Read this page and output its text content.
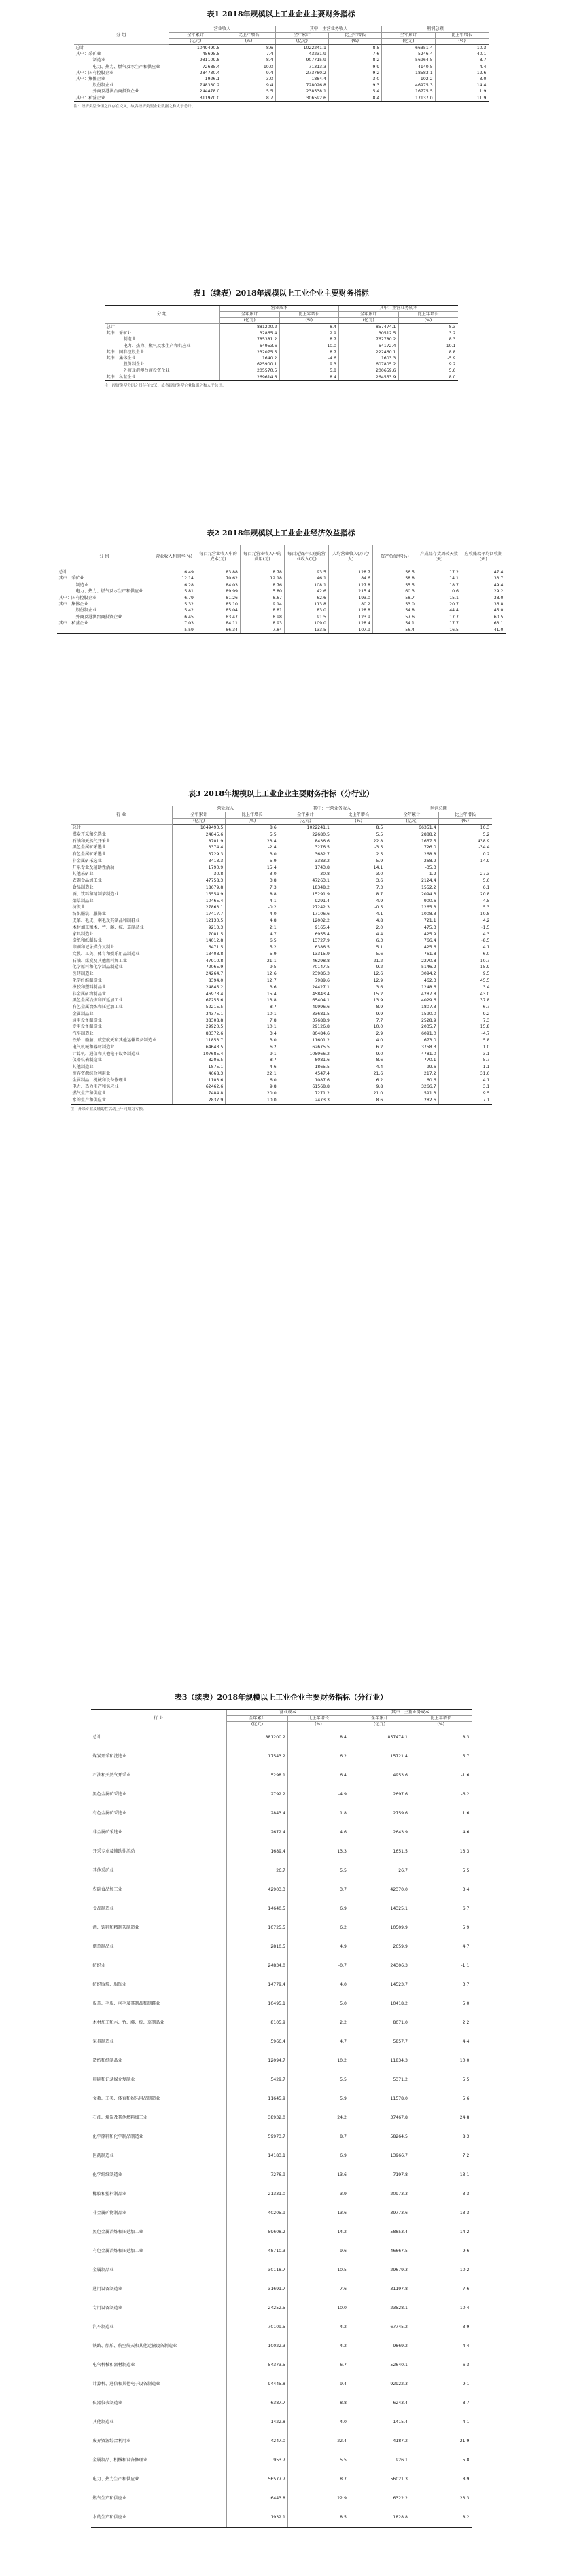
表1 2018年规模以上工业企业主要财务指标
分 组	营业收入		其中：主营业务收入		利润总额	
	全年累计	比上年增长	全年累计	比上年增长	全年累计	比上年增长
	(亿元)	(%)	(亿元)	(%)	(亿元)	(%)
总计	1049490.5	8.6	1022241.1	8.5	66351.4	10.3
其中：采矿业	45695.5	7.4	43231.9	7.6	5246.4	40.1
制造业	931109.8	8.4	907715.9	8.2	56964.5	8.7
电力、热力、燃气及水生产和供应业	72685.4	10.0	71313.3	9.9	4140.5	4.4
其中：国有控股企业	284730.4	9.4	273780.2	9.2	18583.1	12.6
其中：集体企业	1926.1	-3.0	1884.4	-3.0	102.2	-3.0
股份制企业	748330.2	9.4	728026.8	9.3	46975.3	14.4
外商及港澳台商投资企业	244478.0	5.5	238538.1	5.4	16775.5	1.9
其中：私营企业	311970.0	8.7	306592.6	8.4	17137.0	11.9
注：经济类型分组之间存在交叉，故各经济类型企业数据之和大于总计。
表1（续表）2018年规模以上工业企业主要财务指标
分 组	营业成本		其中：主营业务成本	
	全年累计	比上年增长	全年累计	比上年增长
	(亿元)	(%)	(亿元)	(%)
总计	881200.2	8.4	857474.1	8.3
其中：采矿业	32865.4	2.9	30512.5	3.2
制造业	785381.2	8.7	762780.2	8.3
电力、热力、燃气及水生产和供应业	64953.6	10.0	64172.4	10.1
其中：国有控股企业	232075.5	8.7	222460.1	8.8
其中：集体企业	1640.2	-4.6	1603.3	-5.9
股份制企业	625900.1	9.3	607805.2	9.2
外商及港澳台商投资企业	205570.5	5.8	200659.6	5.6
其中：私营企业	269614.6	8.4	264553.9	8.0
注：经济类型分组之间存在交叉，故各经济类型企业数据之和大于总计。
表2 2018年规模以上工业企业经济效益指标
分 组	营业收入利润率(%)	每百元营业收入中的成本(元)	每百元营业收入中的费用(元)	每百元资产实现的营业收入(元)	人均营业收入(万元/人)	资产负债率(%)	产成品存货周转天数(天)	应收账款平均回收期(天)
总计	6.49	83.88	8.78	93.5	128.7	56.5	17.2	47.4
其中：采矿业	12.14	70.62	12.18	46.1	84.6	58.8	14.1	33.7
制造业	6.28	84.03	8.76	108.1	127.8	55.5	18.7	49.4
电力、热力、燃气及水生产和供应业	5.81	89.99	5.80	42.6	215.4	60.3	0.6	29.2
其中：国有控股企业	6.79	81.26	8.67	62.6	193.0	58.7	15.1	38.0
其中：集体企业	5.32	85.10	9.14	113.8	80.2	53.0	20.7	36.8
股份制企业	5.42	85.04	8.81	83.0	128.8	54.8	44.4	45.0
外商及港澳台商投资企业	6.45	83.47	8.98	91.5	123.9	57.6	17.7	60.5
其中：私营企业	7.03	84.11	8.93	109.0	128.4	54.1	17.7	63.1
	5.59	86.34	7.84	133.5	107.9	56.4	16.5	41.0
表3 2018年规模以上工业企业主要财务指标（分行业）
行 业	营业收入		其中：主营业务收入		利润总额	
	全年累计	比上年增长	全年累计	比上年增长	全年累计	比上年增长
	(亿元)	(%)	(亿元)	(%)	(亿元)	(%)
总计	1049490.5	8.6	1022241.1	8.5	66351.4	10.3
煤炭开采和洗选业	24845.6	5.5	22680.5	5.5	2888.2	5.2
石油和天然气开采业	8701.9	23.4	8436.6	22.8	1657.5	438.9
黑色金属矿采选业	3374.4	-2.4	3276.5	-3.5	726.0	-34.4
有色金属矿采选业	3729.3	3.0	3682.7	2.5	268.8	0.2
非金属矿采选业	3413.3	5.9	3383.2	5.9	268.9	14.9
开采专业及辅助性活动	1790.9	15.4	1743.8	14.1	-35.3	
其他采矿业	30.8	-3.0	30.8	-3.0	1.2	-27.3
农副食品加工业	47758.3	3.8	47263.1	3.6	2124.4	5.6
食品制造业	18679.8	7.3	18348.2	7.3	1552.2	6.1
酒、饮料和精制茶制造业	15554.9	8.8	15291.9	8.7	2094.3	20.8
烟草制品业	10465.4	4.1	9291.4	4.9	900.6	4.5
纺织业	27863.1	-0.2	27242.3	-0.5	1265.3	5.3
纺织服装、服饰业	17417.7	4.0	17106.6	4.1	1008.3	10.8
皮革、毛皮、羽毛及其制品和制鞋业	12130.5	4.8	12002.2	4.8	721.1	4.2
木材加工和木、竹、藤、棕、草制品业	9210.3	2.1	9165.4	2.0	475.3	-1.5
家具制造业	7081.5	4.7	6955.4	4.4	425.9	4.3
造纸和纸制品业	14012.8	6.5	13727.9	6.3	766.4	-8.5
印刷和记录媒介复制业	6471.5	5.2	6386.5	5.1	425.6	4.1
文教、工美、体育和娱乐用品制造业	13408.8	5.9	13315.9	5.6	761.8	6.0
石油、煤炭及其他燃料加工业	47910.8	21.1	46298.8	21.2	2270.8	10.7
化学原料和化学制品制造业	72065.9	9.5	70147.5	9.2	5146.2	15.9
医药制造业	24264.7	12.6	23986.3	12.6	3094.2	9.5
化学纤维制造业	8394.0	12.7	7989.6	12.9	462.3	45.5
橡胶和塑料制品业	24845.2	3.6	24427.1	3.6	1248.6	3.4
非金属矿物制品业	46973.4	15.4	45843.4	15.2	4287.8	43.0
黑色金属冶炼和压延加工业	67255.6	13.8	65404.1	13.9	4029.6	37.8
有色金属冶炼和压延加工业	52215.5	8.7	49996.6	8.9	1807.3	-6.7
金属制品业	34375.1	10.1	33681.5	9.9	1590.0	9.2
通用设备制造业	38308.8	7.8	37688.9	7.7	2528.9	7.3
专用设备制造业	29920.5	10.1	29126.8	10.0	2035.7	15.8
汽车制造业	83372.6	3.4	80484.6	2.9	6091.0	-4.7
铁路、船舶、航空航天和其他运输设备制造业	11853.7	3.0	11601.2	4.0	673.0	5.8
电气机械和器材制造业	64643.5	6.2	62675.5	6.2	3758.3	1.0
计算机、通信和其他电子设备制造业	107685.4	9.1	105966.2	9.0	4781.0	-3.1
仪器仪表制造业	8206.5	8.7	8081.6	8.6	770.1	5.7
其他制造业	1875.1	4.6	1865.5	4.4	99.6	-1.1
废弃资源综合利用业	4668.3	22.1	4547.4	21.6	217.2	31.6
金属制品、机械和设备修理业	1103.6	6.0	1087.6	6.2	60.6	4.1
电力、热力生产和供应业	62462.6	9.8	61568.8	9.8	3266.7	3.1
燃气生产和供应业	7484.8	20.0	7271.2	21.0	591.3	9.5
水的生产和供应业	2837.9	10.0	2473.3	8.6	282.6	7.1
注：开采专业及辅助性活动上年同期为亏损。
表3（续表）2018年规模以上工业企业主要财务指标（分行业）
行 业	营业成本		其中：主营业务成本	
	全年累计	比上年增长	全年累计	比上年增长
	(亿元)	(%)	(亿元)	(%)
总计	881200.2	8.4	857474.1	8.3
煤炭开采和洗选业	17543.2	6.2	15721.4	5.7
石油和天然气开采业	5298.1	6.4	4953.6	-1.6
黑色金属矿采选业	2792.2	-4.9	2697.6	-6.2
有色金属矿采选业	2843.4	1.8	2759.6	1.6
非金属矿采选业	2672.4	4.6	2643.9	4.6
开采专业及辅助性活动	1689.4	13.3	1651.5	13.3
其他采矿业	26.7	5.5	26.7	5.5
农副食品加工业	42903.3	3.7	42370.0	3.4
食品制造业	14640.5	6.9	14325.1	6.7
酒、饮料和精制茶制造业	10725.5	6.2	10509.9	5.9
烟草制品业	2810.5	4.9	2659.9	4.7
纺织业	24834.0	-0.7	24306.3	-1.1
纺织服装、服饰业	14779.4	4.0	14523.7	3.7
皮革、毛皮、羽毛及其制品和制鞋业	10495.1	5.0	10418.2	5.0
木材加工和木、竹、藤、棕、草制品业	8105.9	2.2	8071.0	2.2
家具制造业	5966.4	4.7	5857.7	4.4
造纸和纸制品业	12094.7	10.2	11834.3	10.0
印刷和记录媒介复制业	5429.7	5.5	5371.2	5.5
文教、工美、体育和娱乐用品制造业	11645.9	5.9	11578.0	5.6
石油、煤炭及其他燃料加工业	38932.0	24.2	37467.8	24.8
化学原料和化学制品制造业	59973.7	8.7	58264.5	8.3
医药制造业	14183.1	6.9	13966.7	7.2
化学纤维制造业	7276.9	13.6	7197.8	13.1
橡胶和塑料制品业	21331.0	3.9	20973.3	3.3
非金属矿物制品业	40205.9	13.6	39773.6	13.3
黑色金属冶炼和压延加工业	59608.2	14.2	58853.4	14.2
有色金属冶炼和压延加工业	48710.3	9.6	46667.5	9.6
金属制品业	30118.7	10.5	29679.3	10.2
通用设备制造业	31691.7	7.6	31197.8	7.6
专用设备制造业	24252.5	10.0	23528.1	10.4
汽车制造业	70109.5	4.2	67745.2	3.9
铁路、船舶、航空航天和其他运输设备制造业	10022.3	4.2	9869.2	4.4
电气机械和器材制造业	54373.5	6.7	52640.1	6.3
计算机、通信和其他电子设备制造业	94445.8	9.4	92922.3	9.1
仪器仪表制造业	6387.7	8.8	6243.4	8.7
其他制造业	1422.8	4.0	1415.4	4.1
废弃资源综合利用业	4247.0	22.4	4187.2	21.9
金属制品、机械和设备修理业	953.7	5.5	926.1	5.8
电力、热力生产和供应业	56577.7	8.7	56021.3	8.9
燃气生产和供应业	6443.8	22.9	6322.2	23.3
水的生产和供应业	1932.1	8.5	1828.8	8.2
